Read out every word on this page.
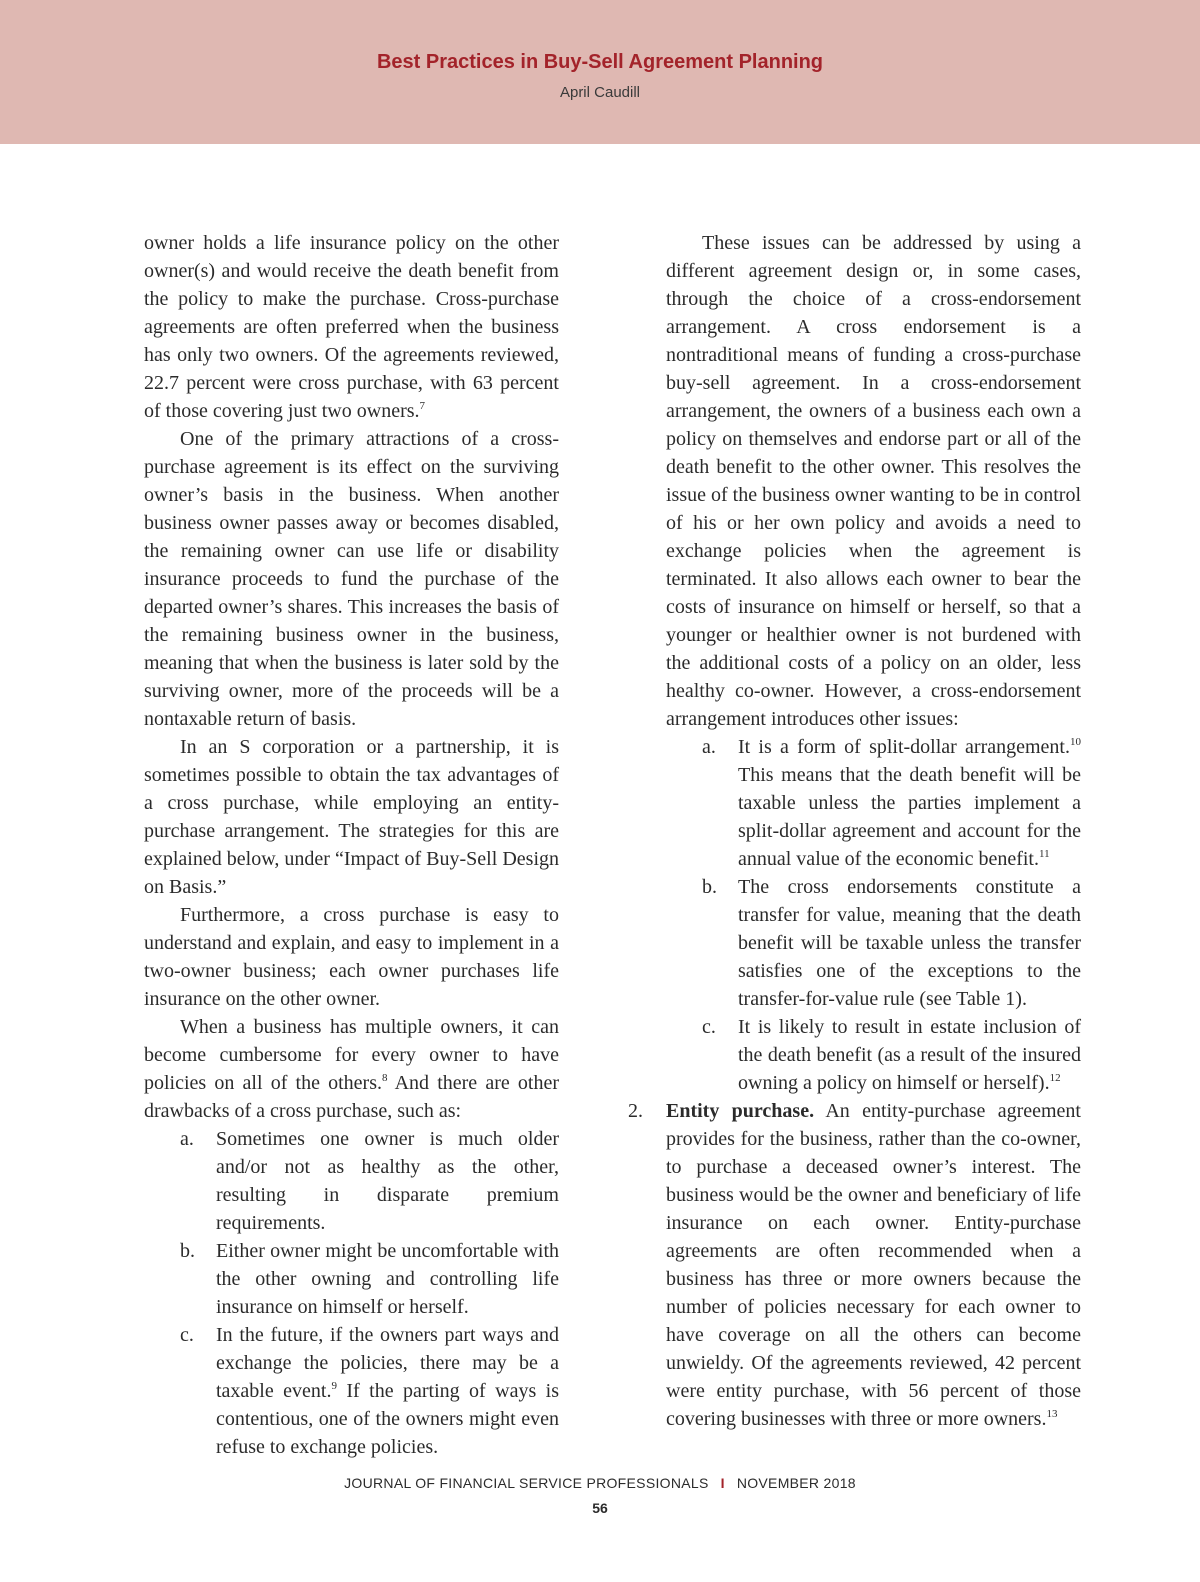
Best Practices in Buy-Sell Agreement Planning
April Caudill

owner holds a life insurance policy on the other owner(s) and would receive the death benefit from the policy to make the purchase. Cross-purchase agreements are often preferred when the business has only two owners. Of the agreements reviewed, 22.7 percent were cross purchase, with 63 percent of those covering just two owners.$^7$

One of the primary attractions of a cross-purchase agreement is its effect on the surviving owner’s basis in the business. When another business owner passes away or becomes disabled, the remaining owner can use life or disability insurance proceeds to fund the purchase of the departed owner’s shares. This increases the basis of the remaining business owner in the business, meaning that when the business is later sold by the surviving owner, more of the proceeds will be a nontaxable return of basis.

In an S corporation or a partnership, it is sometimes possible to obtain the tax advantages of a cross purchase, while employing an entity-purchase arrangement. The strategies for this are explained below, under “Impact of Buy-Sell Design on Basis.”

Furthermore, a cross purchase is easy to understand and explain, and easy to implement in a two-owner business; each owner purchases life insurance on the other owner.

When a business has multiple owners, it can become cumbersome for every owner to have policies on all of the others.$^8$ And there are other drawbacks of a cross purchase, such as:

a. Sometimes one owner is much older and/or not as healthy as the other, resulting in disparate premium requirements.
b. Either owner might be uncomfortable with the other owning and controlling life insurance on himself or herself.
c. In the future, if the owners part ways and exchange the policies, there may be a taxable event.$^9$ If the parting of ways is contentious, one of the owners might even refuse to exchange policies.

These issues can be addressed by using a different agreement design or, in some cases, through the choice of a cross-endorsement arrangement. A cross endorsement is a nontraditional means of funding a cross-purchase buy-sell agreement. In a cross-endorsement arrangement, the owners of a business each own a policy on themselves and endorse part or all of the death benefit to the other owner. This resolves the issue of the business owner wanting to be in control of his or her own policy and avoids a need to exchange policies when the agreement is terminated. It also allows each owner to bear the costs of insurance on himself or herself, so that a younger or healthier owner is not burdened with the additional costs of a policy on an older, less healthy co-owner. However, a cross-endorsement arrangement introduces other issues:

a. It is a form of split-dollar arrangement.$^{10}$ This means that the death benefit will be taxable unless the parties implement a split-dollar agreement and account for the annual value of the economic benefit.$^{11}$
b. The cross endorsements constitute a transfer for value, meaning that the death benefit will be taxable unless the transfer satisfies one of the exceptions to the transfer-for-value rule (see Table 1).
c. It is likely to result in estate inclusion of the death benefit (as a result of the insured owning a policy on himself or herself).$^{12}$
2. Entity purchase. An entity-purchase agreement provides for the business, rather than the co-owner, to purchase a deceased owner’s interest. The business would be the owner and beneficiary of life insurance on each owner. Entity-purchase agreements are often recommended when a business has three or more owners because the number of policies necessary for each owner to have coverage on all the others can become unwieldy. Of the agreements reviewed, 42 percent were entity purchase, with 56 percent of those covering businesses with three or more owners.$^{13}$
JOURNAL OF FINANCIAL SERVICE PROFESSIONALS I NOVEMBER 2018
56
